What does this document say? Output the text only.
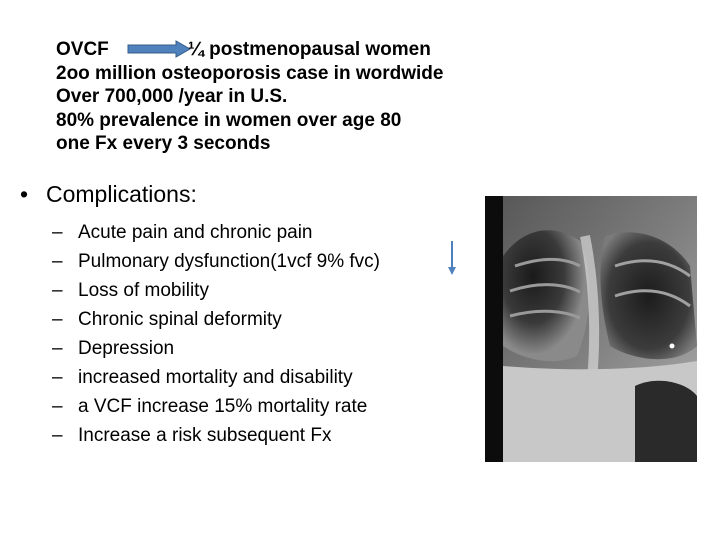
OVCF	¼ postmenopausal women
2oo million osteoporosis case in wordwide
Over 700,000 /year in U.S.
80% prevalence in women over age 80
one Fx every 3 seconds
• Complications:
– Acute pain and chronic pain
– Pulmonary dysfunction(1vcf 9% fvc)
– Loss of mobility
– Chronic spinal deformity
– Depression
– increased mortality and disability
– a VCF increase 15% mortality rate
– Increase a risk subsequent Fx
